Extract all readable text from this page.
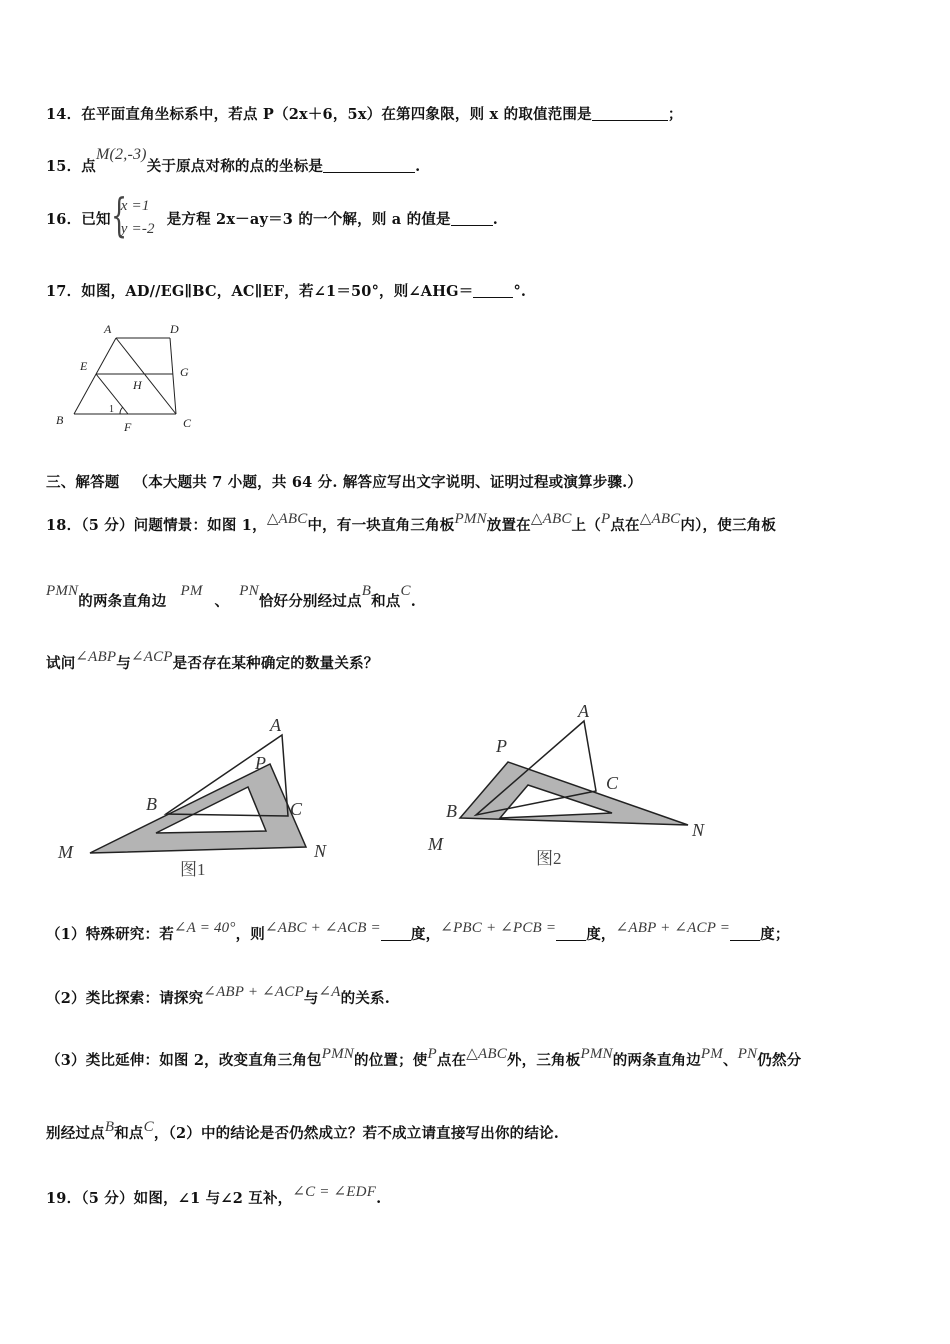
14．在平面直角坐标系中，若点 P（2x＋6，5x）在第四象限，则 x 的取值范围是	；
15．点M(2,-3)关于原点对称的点的坐标是	.
16．已知 {
x =1
y =-2
是方程 2x－ay＝3 的一个解，则 a 的值是	.
17．如图，AD//EG∥BC，AC∥EF，若∠1＝50°，则∠AHG＝	°.
A	D
E	G
H
B	C
F
1
三、解答题 （本大题共 7 小题，共 64 分. 解答应写出文字说明、证明过程或演算步骤.）
18．（5 分）问题情景：如图 1，△ABC中，有一块直角三角板PMN放置在△ABC上（P点在△ABC内），使三角板
PMN的两条直角边PM、PN恰好分别经过点B和点C.
试问∠ABP与∠ACP是否存在某种确定的数量关系？
A
P
B	C
M	N
图1
A
P
C
B
M
N
图2
（1）特殊研究：若∠A = 40°，则∠ABC + ∠ACB = 度，∠PBC + ∠PCB = 度，∠ABP + ∠ACP = 度；
（2）类比探索：请探究∠ABP + ∠ACP与∠A的关系.
（3）类比延伸：如图 2，改变直角三角包PMN的位置；使P点在△ABC外，三角板PMN的两条直角边PM、PN仍然分
别经过点B和点C，（2）中的结论是否仍然成立？若不成立请直接写出你的结论.
19．（5 分）如图，∠1 与∠2 互补，∠C = ∠EDF.
